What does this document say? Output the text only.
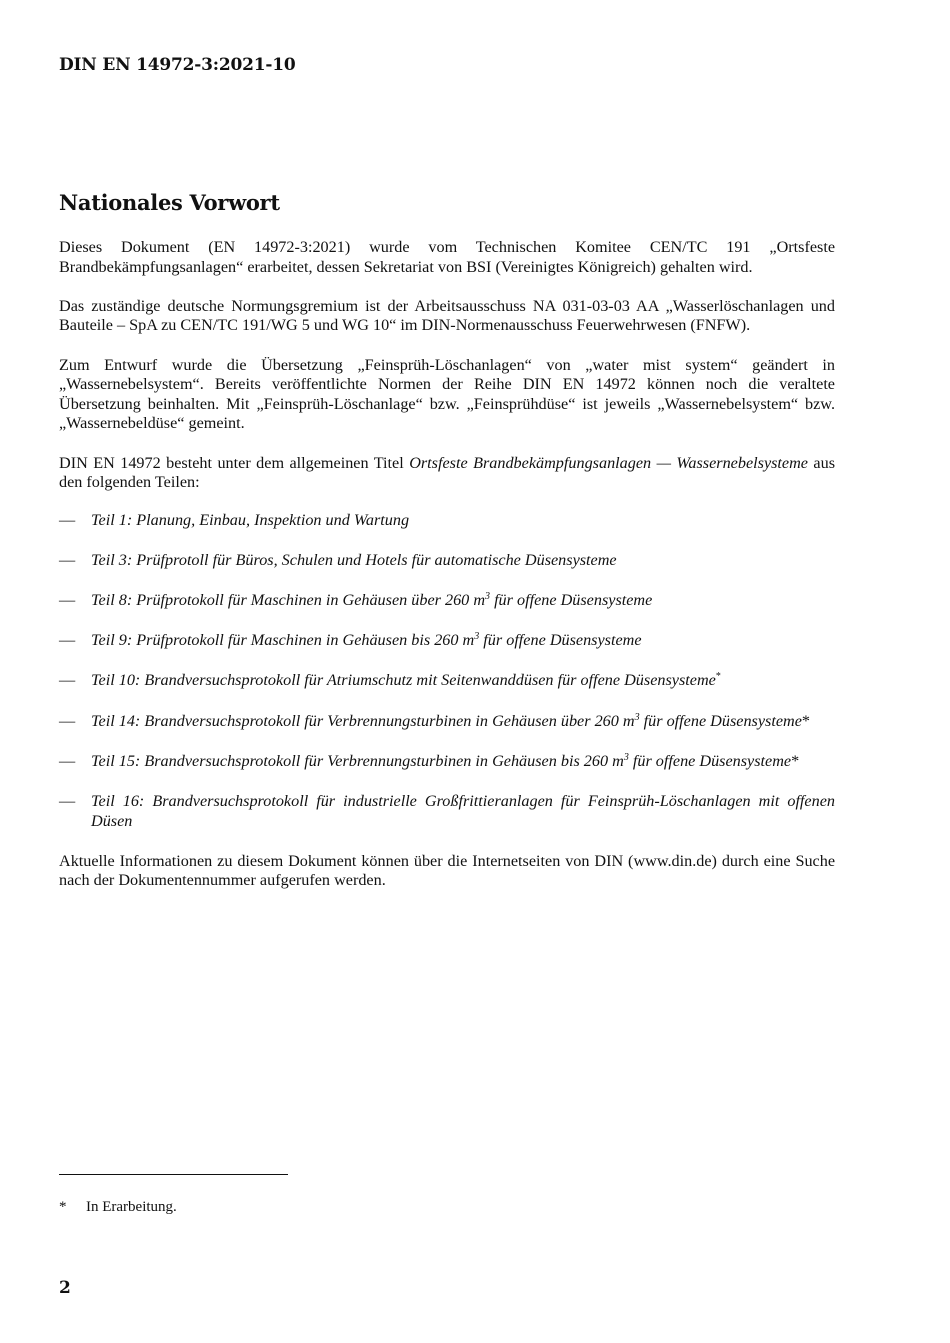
DIN EN 14972-3:2021-10
Nationales Vorwort

Dieses Dokument (EN 14972-3:2021) wurde vom Technischen Komitee CEN/TC 191 „Ortsfeste Brandbekämpfungsanlagen“ erarbeitet, dessen Sekretariat von BSI (Vereinigtes Königreich) gehalten wird.

Das zuständige deutsche Normungsgremium ist der Arbeitsausschuss NA 031-03-03 AA „Wasserlöschanlagen und Bauteile – SpA zu CEN/TC 191/WG 5 und WG 10“ im DIN-Normenausschuss Feuerwehrwesen (FNFW).

Zum Entwurf wurde die Übersetzung „Feinsprüh-Löschanlagen“ von „water mist system“ geändert in „Wassernebelsystem“. Bereits veröffentlichte Normen der Reihe DIN EN 14972 können noch die veraltete Übersetzung beinhalten. Mit „Feinsprüh-Löschanlage“ bzw. „Feinsprühdüse“ ist jeweils „Wassernebelsystem“ bzw. „Wassernebeldüse“ gemeint.

DIN EN 14972 besteht unter dem allgemeinen Titel Ortsfeste Brandbekämpfungsanlagen — Wassernebelsysteme aus den folgenden Teilen:

— Teil 1: Planung, Einbau, Inspektion und Wartung
— Teil 3: Prüfprotoll für Büros, Schulen und Hotels für automatische Düsensysteme
— Teil 8: Prüfprotokoll für Maschinen in Gehäusen über 260 $m^3$ für offene Düsensysteme
— Teil 9: Prüfprotokoll für Maschinen in Gehäusen bis 260 $m^3$ für offene Düsensysteme
— Teil 10: Brandversuchsprotokoll für Atriumschutz mit Seitenwanddüsen für offene Düsensysteme*
— Teil 14: Brandversuchsprotokoll für Verbrennungsturbinen in Gehäusen über 260 $m^3$ für offene Düsensysteme*
— Teil 15: Brandversuchsprotokoll für Verbrennungsturbinen in Gehäusen bis 260 $m^3$ für offene Düsensysteme*
— Teil 16: Brandversuchsprotokoll für industrielle Großfrittieranlagen für Feinsprüh-Löschanlagen mit offenen Düsen

Aktuelle Informationen zu diesem Dokument können über die Internetseiten von DIN (www.din.de) durch eine Suche nach der Dokumentennummer aufgerufen werden.

* In Erarbeitung.
2
